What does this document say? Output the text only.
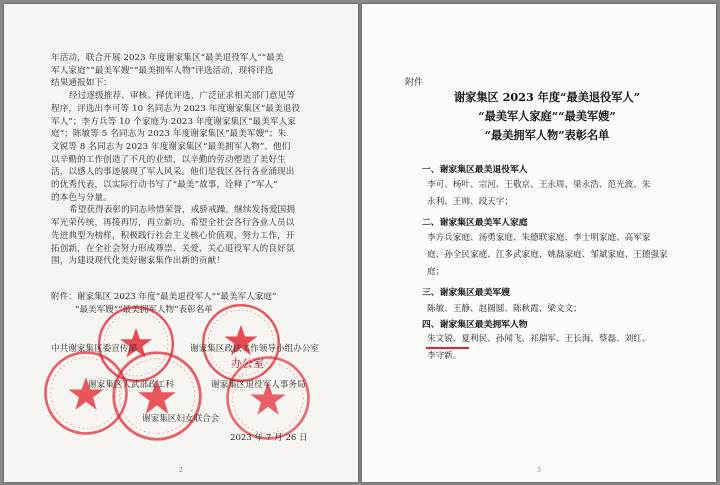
年活动，联合开展 2023 年度谢家集区“最美退役军人”“最美
军人家庭”“最美军嫂”“最美拥军人物”评选活动，现将评选
结果通报如下：
经过逐级推荐、审核、择优评选，广泛征求相关部门意见等
程序，评选出李可等 10 名同志为 2023 年度谢家集区“最美退役
军人”；李方兵等 10 个家庭为 2023 年度谢家集区“最美军人家
庭”；陈敏等 5 名同志为 2023 年度谢家集区“最美军嫂”；朱
文锐等 8 名同志为 2023 年度谢家集区“最美拥军人物”。他们
以辛勤的工作创造了不凡的业绩，以辛勤的劳动塑造了美好生
活，以感人的事迹展现了军人风采。他们是我区各行各业涌现出
的优秀代表，以实际行动书写了“最美”故事，诠释了“军人”
的本色与分量。
希望获得表彰的同志珍惜荣誉，戒骄戒躁，继续发扬爱国拥
军光荣传统，再接再厉，再立新功。希望全社会各行各业人员以
先进典型为榜样，积极践行社会主义核心价值观，努力工作，开
拓创新，在全社会努力形成尊崇、关爱、关心退役军人的良好氛
围，为建设现代化美好谢家集作出新的贡献！
附件：谢家集区 2023 年度“最美退役军人”“最美军人家庭”
“最美军嫂”“最美拥军人物”表彰名单
中共谢家集区委宣传部	谢家集区政法工作领导小组办公室
办公室
谢家集区人武部政工科	谢家集区退役军人事务局
谢家集区妇女联合会
2023 年 7 月 26 日
2
附件
谢家集区 2023 年度“最美退役军人”
“最美军人家庭”“最美军嫂”
“最美拥军人物”表彰名单
一、谢家集区最美退役军人
李可、杨叶、宗河、王敬京、王永周、梁永浩、范光波、朱
永利、王帅、段天宇；
二、谢家集区最美军人家庭
李方兵家庭、汤勇家庭、朱德联家庭、李士明家庭、高军家
庭、孙全民家庭、江多武家庭、姚磊家庭、邹斌家庭、王德强家
庭；
三、谢家集区最美军嫂
陈敏、王静、赵圆圆、陈秋霞、梁文文；
四、谢家集区最美拥军人物
朱文锐、夏利民、孙闻飞、祁瑞军、王长海、蔡磊、刘红、
李守新。
3
